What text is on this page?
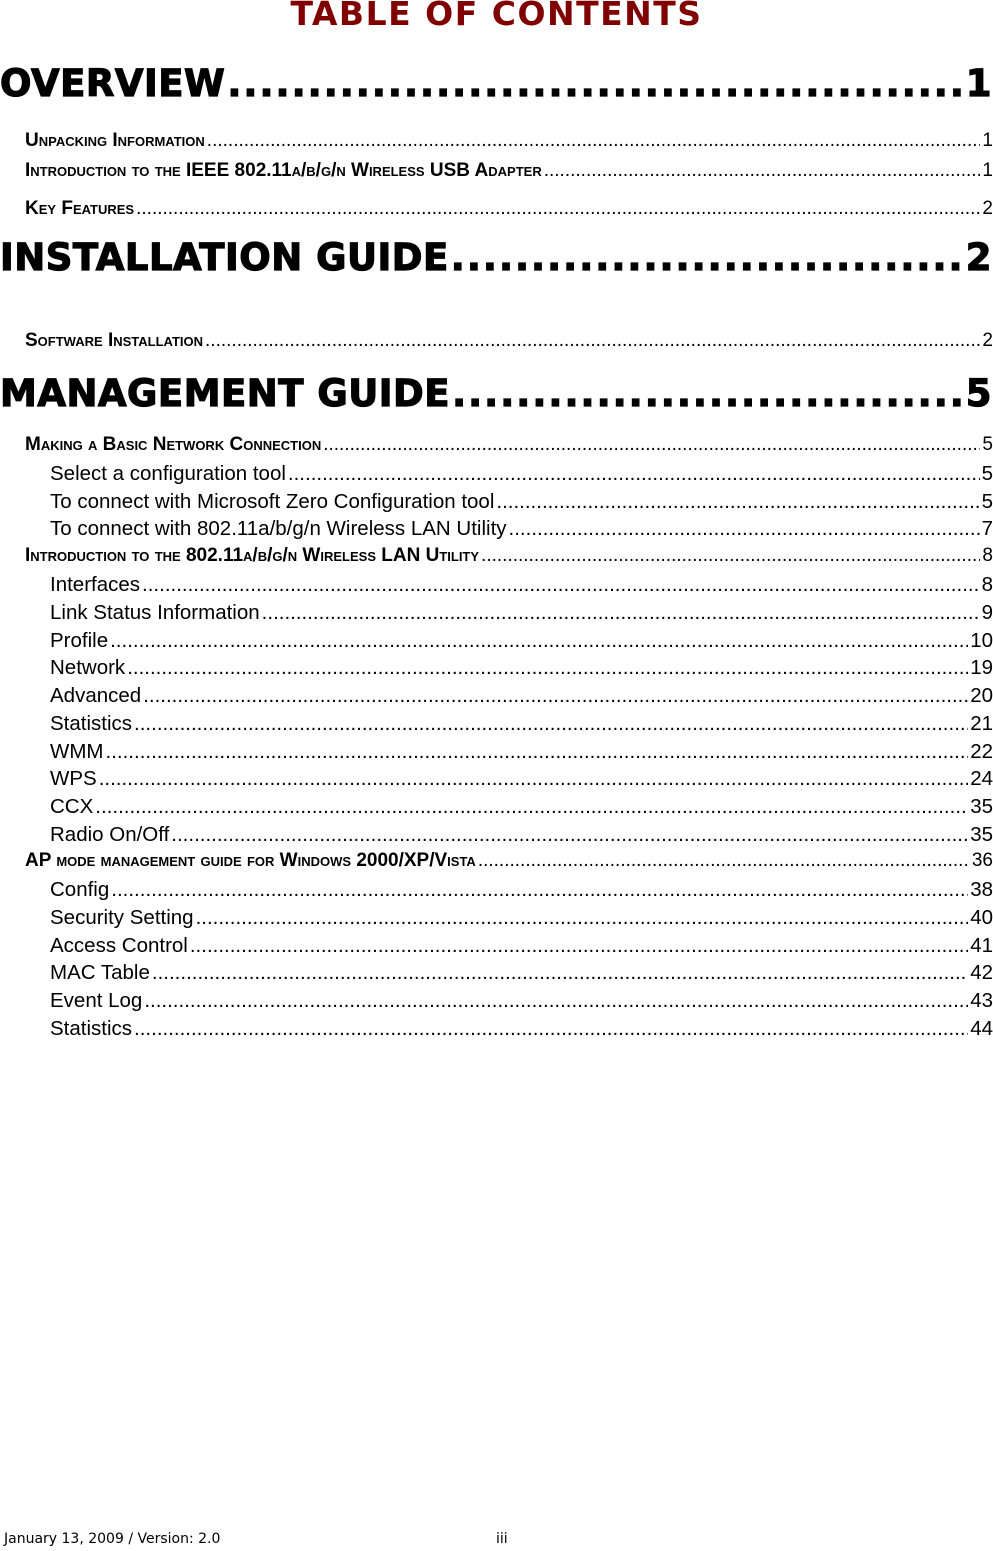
TABLE OF CONTENTS
January 13, 2009 / Version: 2.0	iii
OVERVIEW .....	1
Unpacking Information .....	1
Introduction to the IEEE 802.11a/b/g/n Wireless USB Adapter .....	1
Key Features .....	2
INSTALLATION GUIDE .....	2
Software Installation .....	2
MANAGEMENT GUIDE .....	5
Making a Basic Network Connection .....	5
Select a configuration tool .....	5
To connect with Microsoft Zero Configuration tool .....	5
To connect with 802.11a/b/g/n Wireless LAN Utility .....	7
Introduction to the 802.11a/b/g/n Wireless LAN Utility .....	8
Interfaces .....	8
Link Status Information .....	9
Profile .....	10
Network .....	19
Advanced .....	20
Statistics .....	21
WMM .....	22
WPS .....	24
CCX .....	35
Radio On/Off .....	35
AP mode management guide for Windows 2000/XP/Vista .....	36
Config .....	38
Security Setting .....	40
Access Control .....	41
MAC Table .....	42
Event Log .....	43
Statistics .....	44
